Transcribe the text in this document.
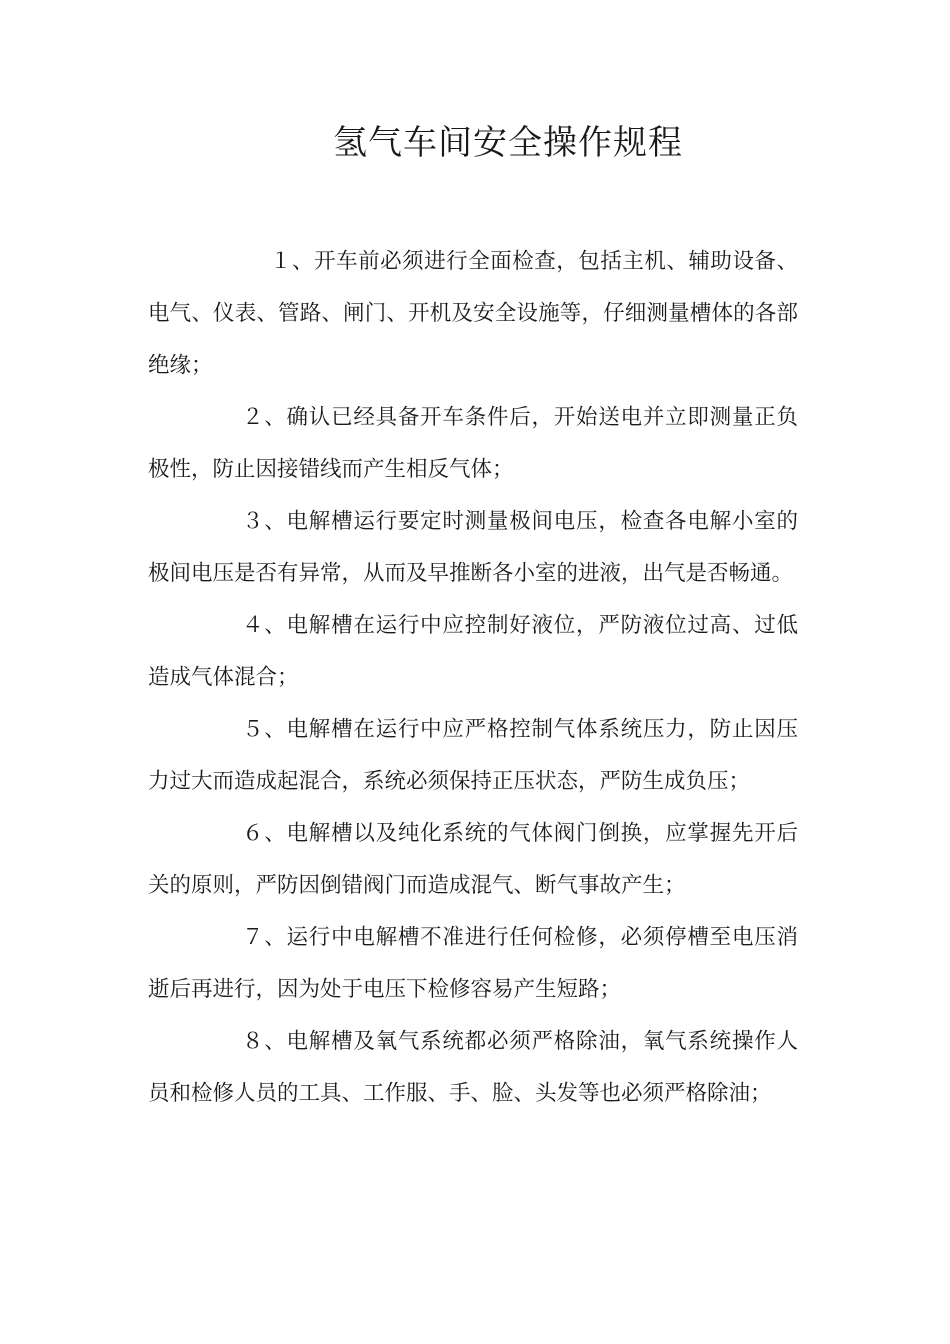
氢气车间安全操作规程

１、开车前必须进行全面检查，包括主机、辅助设备、电气、仪表、管路、闸门、开机及安全设施等，仔细测量槽体的各部绝缘；

２、确认已经具备开车条件后，开始送电并立即测量正负极性，防止因接错线而产生相反气体；

３、电解槽运行要定时测量极间电压，检查各电解小室的极间电压是否有异常，从而及早推断各小室的进液，出气是否畅通。

４、电解槽在运行中应控制好液位，严防液位过高、过低造成气体混合；

５、电解槽在运行中应严格控制气体系统压力，防止因压力过大而造成起混合，系统必须保持正压状态，严防生成负压；

６、电解槽以及纯化系统的气体阀门倒换，应掌握先开后关的原则，严防因倒错阀门而造成混气、断气事故产生；

７、运行中电解槽不准进行任何检修，必须停槽至电压消逝后再进行，因为处于电压下检修容易产生短路；

８、电解槽及氧气系统都必须严格除油，氧气系统操作人员和检修人员的工具、工作服、手、脸、头发等也必须严格除油；
